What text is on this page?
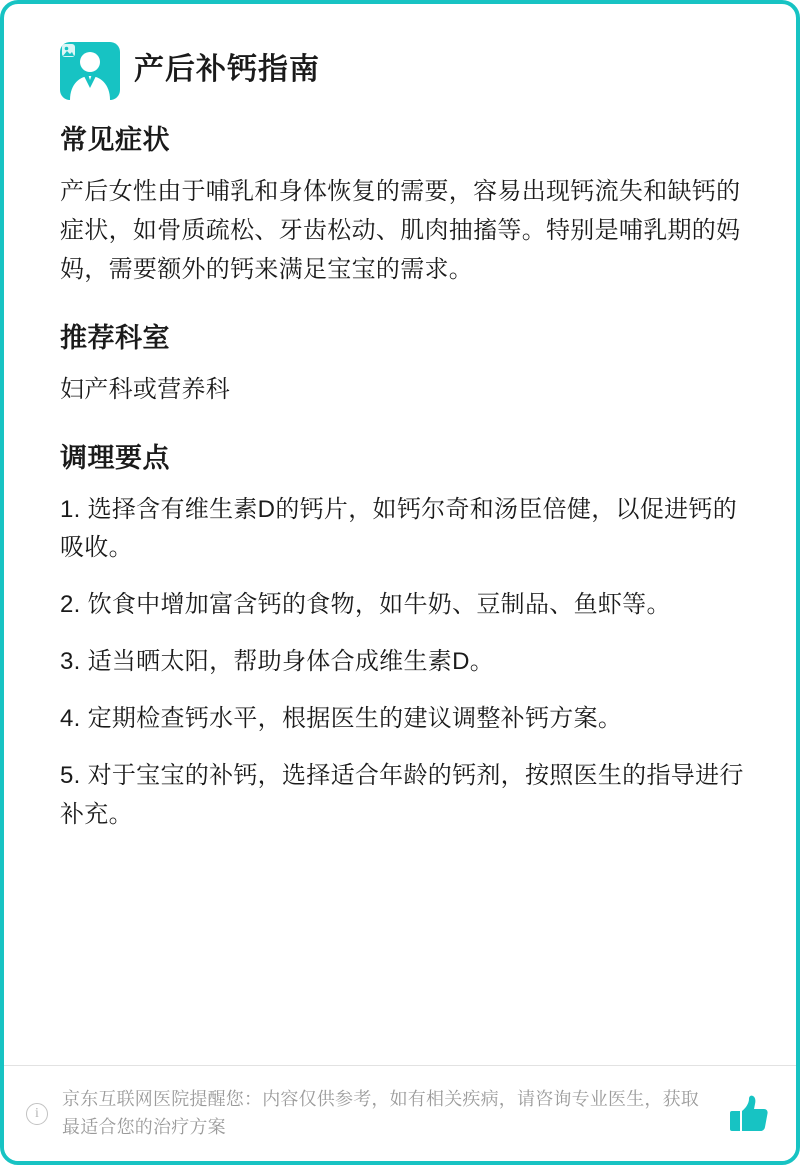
产后补钙指南
常见症状

产后女性由于哺乳和身体恢复的需要，容易出现钙流失和缺钙的症状，如骨质疏松、牙齿松动、肌肉抽搐等。特别是哺乳期的妈妈，需要额外的钙来满足宝宝的需求。

推荐科室

妇产科或营养科

调理要点
1. 选择含有维生素D的钙片，如钙尔奇和汤臣倍健，以促进钙的吸收。
2. 饮食中增加富含钙的食物，如牛奶、豆制品、鱼虾等。
3. 适当晒太阳，帮助身体合成维生素D。
4. 定期检查钙水平，根据医生的建议调整补钙方案。
5. 对于宝宝的补钙，选择适合年龄的钙剂，按照医生的指导进行补充。
i
京东互联网医院提醒您：内容仅供参考，如有相关疾病，请咨询专业医生，获取最适合您的治疗方案
